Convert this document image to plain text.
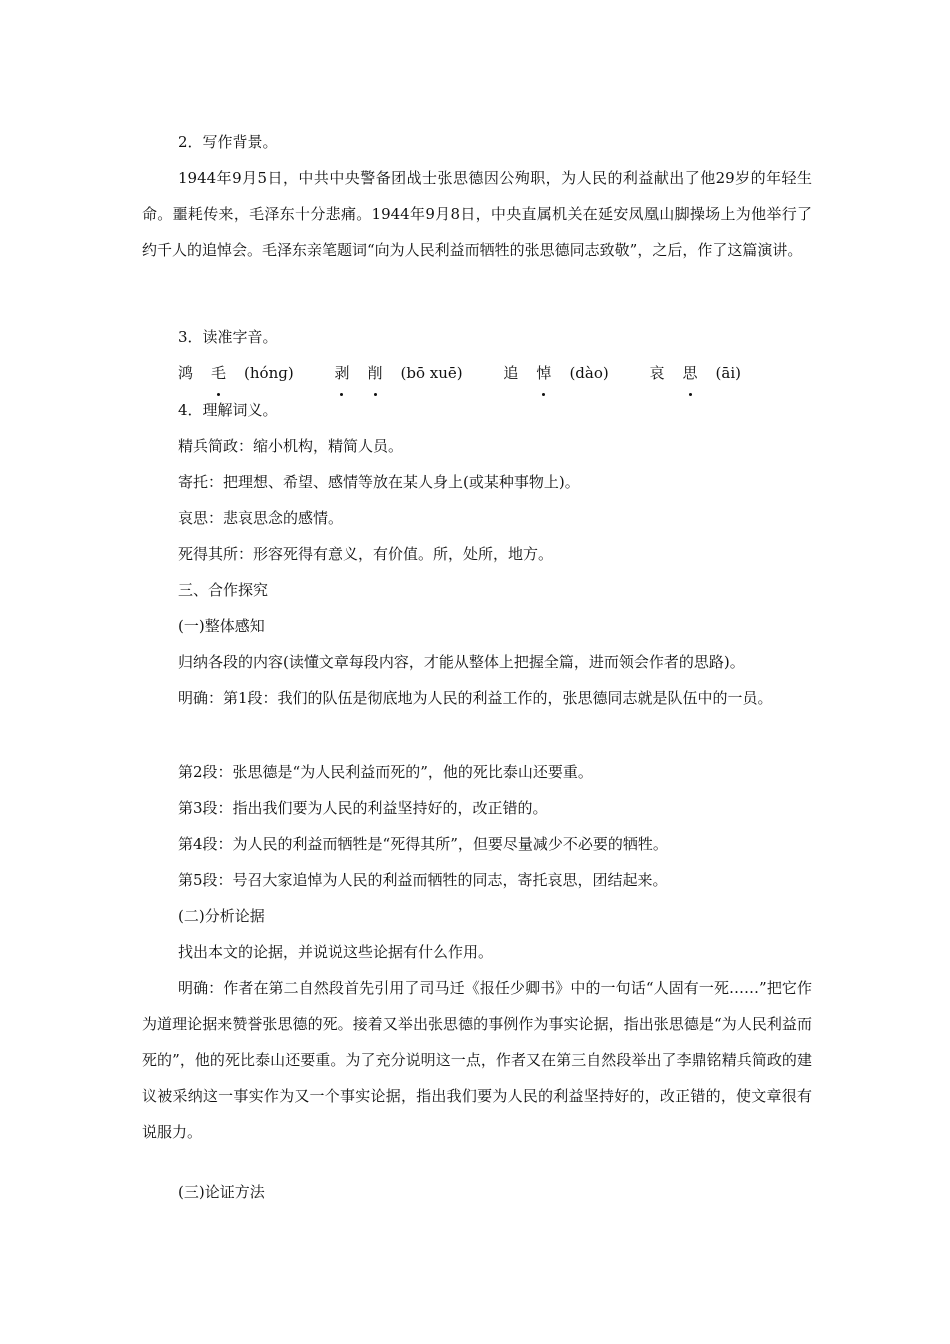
2．写作背景。

1944年9月5日，中共中央警备团战士张思德因公殉职，为人民的利益献出了他29岁的年轻生命。噩耗传来，毛泽东十分悲痛。1944年9月8日，中央直属机关在延安凤凰山脚操场上为他举行了约千人的追悼会。毛泽东亲笔题词“向为人民利益而牺牲的张思德同志致敬”，之后，作了这篇演讲。

3．读准字音。

鸿 毛 (hónɡ)	剥 削 (bō xuē)	追 悼 (dào)	哀 思 (āi)

4．理解词义。

精兵简政：缩小机构，精简人员。

寄托：把理想、希望、感情等放在某人身上(或某种事物上)。

哀思：悲哀思念的感情。

死得其所：形容死得有意义，有价值。所，处所，地方。

三、合作探究

(一)整体感知

归纳各段的内容(读懂文章每段内容，才能从整体上把握全篇，进而领会作者的思路)。

明确：第1段：我们的队伍是彻底地为人民的利益工作的，张思德同志就是队伍中的一员。

第2段：张思德是“为人民利益而死的”，他的死比泰山还要重。

第3段：指出我们要为人民的利益坚持好的，改正错的。

第4段：为人民的利益而牺牲是“死得其所”，但要尽量减少不必要的牺牲。

第5段：号召大家追悼为人民的利益而牺牲的同志，寄托哀思，团结起来。

(二)分析论据

找出本文的论据，并说说这些论据有什么作用。

明确：作者在第二自然段首先引用了司马迁《报任少卿书》中的一句话“人固有一死……”把它作为道理论据来赞誉张思德的死。接着又举出张思德的事例作为事实论据，指出张思德是“为人民利益而死的”，他的死比泰山还要重。为了充分说明这一点，作者又在第三自然段举出了李鼎铭精兵简政的建议被采纳这一事实作为又一个事实论据，指出我们要为人民的利益坚持好的，改正错的，使文章很有说服力。

(三)论证方法
